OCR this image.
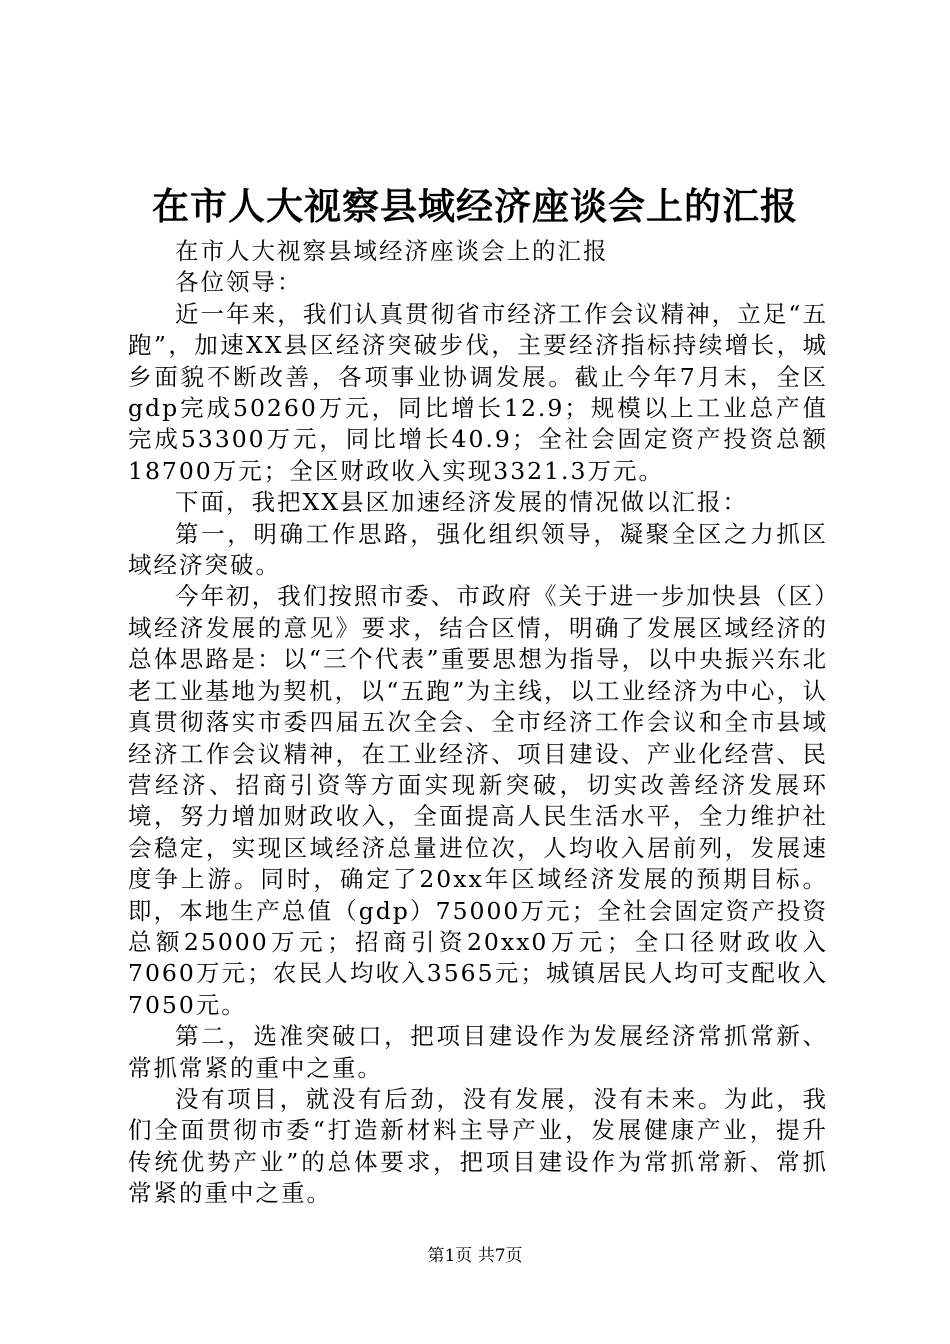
在市人大视察县域经济座谈会上的汇报

在市人大视察县域经济座谈会上的汇报

各位领导：

近一年来，我们认真贯彻省市经济工作会议精神，立足“五跑”，加速XX县区经济突破步伐，主要经济指标持续增长，城乡面貌不断改善，各项事业协调发展。截止今年7月末，全区gdp完成50260万元，同比增长12.9；规模以上工业总产值完成53300万元，同比增长40.9；全社会固定资产投资总额18700万元；全区财政收入实现3321.3万元。

下面，我把XX县区加速经济发展的情况做以汇报：

第一，明确工作思路，强化组织领导，凝聚全区之力抓区域经济突破。

今年初，我们按照市委、市政府《关于进一步加快县（区）域经济发展的意见》要求，结合区情，明确了发展区域经济的总体思路是：以“三个代表”重要思想为指导，以中央振兴东北老工业基地为契机，以“五跑”为主线，以工业经济为中心，认真贯彻落实市委四届五次全会、全市经济工作会议和全市县域经济工作会议精神，在工业经济、项目建设、产业化经营、民营经济、招商引资等方面实现新突破，切实改善经济发展环境，努力增加财政收入，全面提高人民生活水平，全力维护社会稳定，实现区域经济总量进位次，人均收入居前列，发展速度争上游。同时，确定了20xx年区域经济发展的预期目标。即，本地生产总值（gdp）75000万元；全社会固定资产投资总额25000万元；招商引资20xx0万元；全口径财政收入7060万元；农民人均收入3565元；城镇居民人均可支配收入7050元。

第二，选准突破口，把项目建设作为发展经济常抓常新、常抓常紧的重中之重。

没有项目，就没有后劲，没有发展，没有未来。为此，我们全面贯彻市委“打造新材料主导产业，发展健康产业，提升传统优势产业”的总体要求，把项目建设作为常抓常新、常抓常紧的重中之重。

第1页 共7页
